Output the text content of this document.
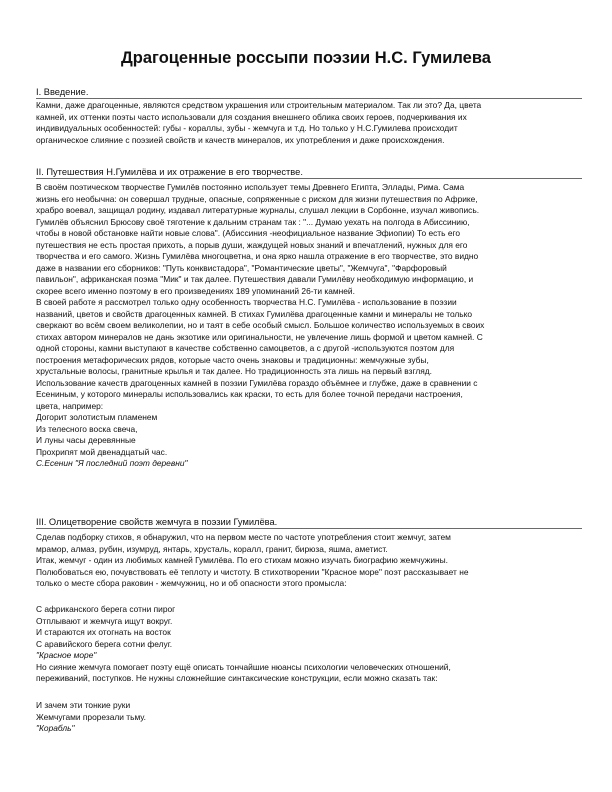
Драгоценные россыпи поэзии Н.С. Гумилева
I. Введение.
Камни, даже драгоценные, являются средством украшения или строительным материалом. Так ли это? Да, цвета
камней, их оттенки поэты часто использовали для создания внешнего облика своих героев, подчеркивания их
индивидуальных особенностей: губы - кораллы, зубы - жемчуга и т.д. Но только у Н.С.Гумилева происходит
органическое слияние с поэзией свойств и качеств минералов, их употребления и даже происхождения.
II. Путешествия Н.Гумилёва и их отражение в его творчестве.
В своём поэтическом творчестве Гумилёв постоянно использует темы Древнего Египта, Эллады, Рима. Сама
жизнь его необычна: он совершал трудные, опасные, сопряженные с риском для жизни путешествия по Африке,
храбро воевал, защищал родину, издавал литературные журналы, слушал лекции в Сорбонне, изучал живопись.
Гумилёв объяснил Брюсову своё тяготение к дальним странам так : "... Думаю уехать на полгода в Абиссинию,
чтобы в новой обстановке найти новые слова". (Абиссиния -неофициальное название Эфиопии) То есть его
путешествия не есть простая прихоть, а порыв души, жаждущей новых знаний и впечатлений, нужных для его
творчества и его самого. Жизнь Гумилёва многоцветна, и она ярко нашла отражение в его творчестве, это видно
даже в названии его сборников: "Путь конквистадора", "Романтические цветы", "Жемчуга", "Фарфоровый
павильон", африканская поэма "Мик" и так далее. Путешествия давали Гумилёву необходимую информацию, и
скорее всего именно поэтому в его произведениях 189 упоминаний 26-ти камней.
В своей работе я рассмотрел только одну особенность творчества Н.С. Гумилёва - использование в поэзии
названий, цветов и свойств драгоценных камней. В стихах Гумилёва драгоценные камни и минералы не только
сверкают во всём своем великолепии, но и таят в себе особый смысл. Большое количество используемых в своих
стихах автором минералов не дань экзотике или оригинальности, не увлечение лишь формой и цветом камней. С
одной стороны, камни выступают в качестве собственно самоцветов, а с другой -используются поэтом для
построения метафорических рядов, которые часто очень знаковы и традиционны: жемчужные зубы,
хрустальные волосы, гранитные крылья и так далее. Но традиционность эта лишь на первый взгляд.
Использование качеств драгоценных камней в поэзии Гумилёва гораздо объёмнее и глубже, даже в сравнении с
Есениным, у которого минералы использовались как краски, то есть для более точной передачи настроения,
цвета, например:
Догорит золотистым пламенем
Из телесного воска свеча,
И луны часы деревянные
Прохрипят мой двенадцатый час.
С.Есенин "Я последний поэт деревни"
III. Олицетворение свойств жемчуга в поэзии Гумилёва.
Сделав подборку стихов, я обнаружил, что на первом месте по частоте употребления стоит жемчуг, затем
мрамор, алмаз, рубин, изумруд, янтарь, хрусталь, коралл, гранит, бирюза, яшма, аметист.
Итак, жемчуг - один из любимых камней Гумилёва. По его стихам можно изучать биографию жемчужины.
Полюбоваться ею, почувствовать её теплоту и чистоту. В стихотворении "Красное море" поэт рассказывает не
только о месте сбора раковин - жемчужниц, но и об опасности этого промысла:
С африканского берега сотни пирог
Отплывают и жемчуга ищут вокруг.
И стараются их отогнать на восток
С аравийского берега сотни фелуг.
"Красное море"
Но сияние жемчуга помогает поэту ещё описать тончайшие нюансы психологии человеческих отношений,
переживаний, поступков. Не нужны сложнейшие синтаксические конструкции, если можно сказать так:
И зачем эти тонкие руки
Жемчугами прорезали тьму.
"Корабль"
